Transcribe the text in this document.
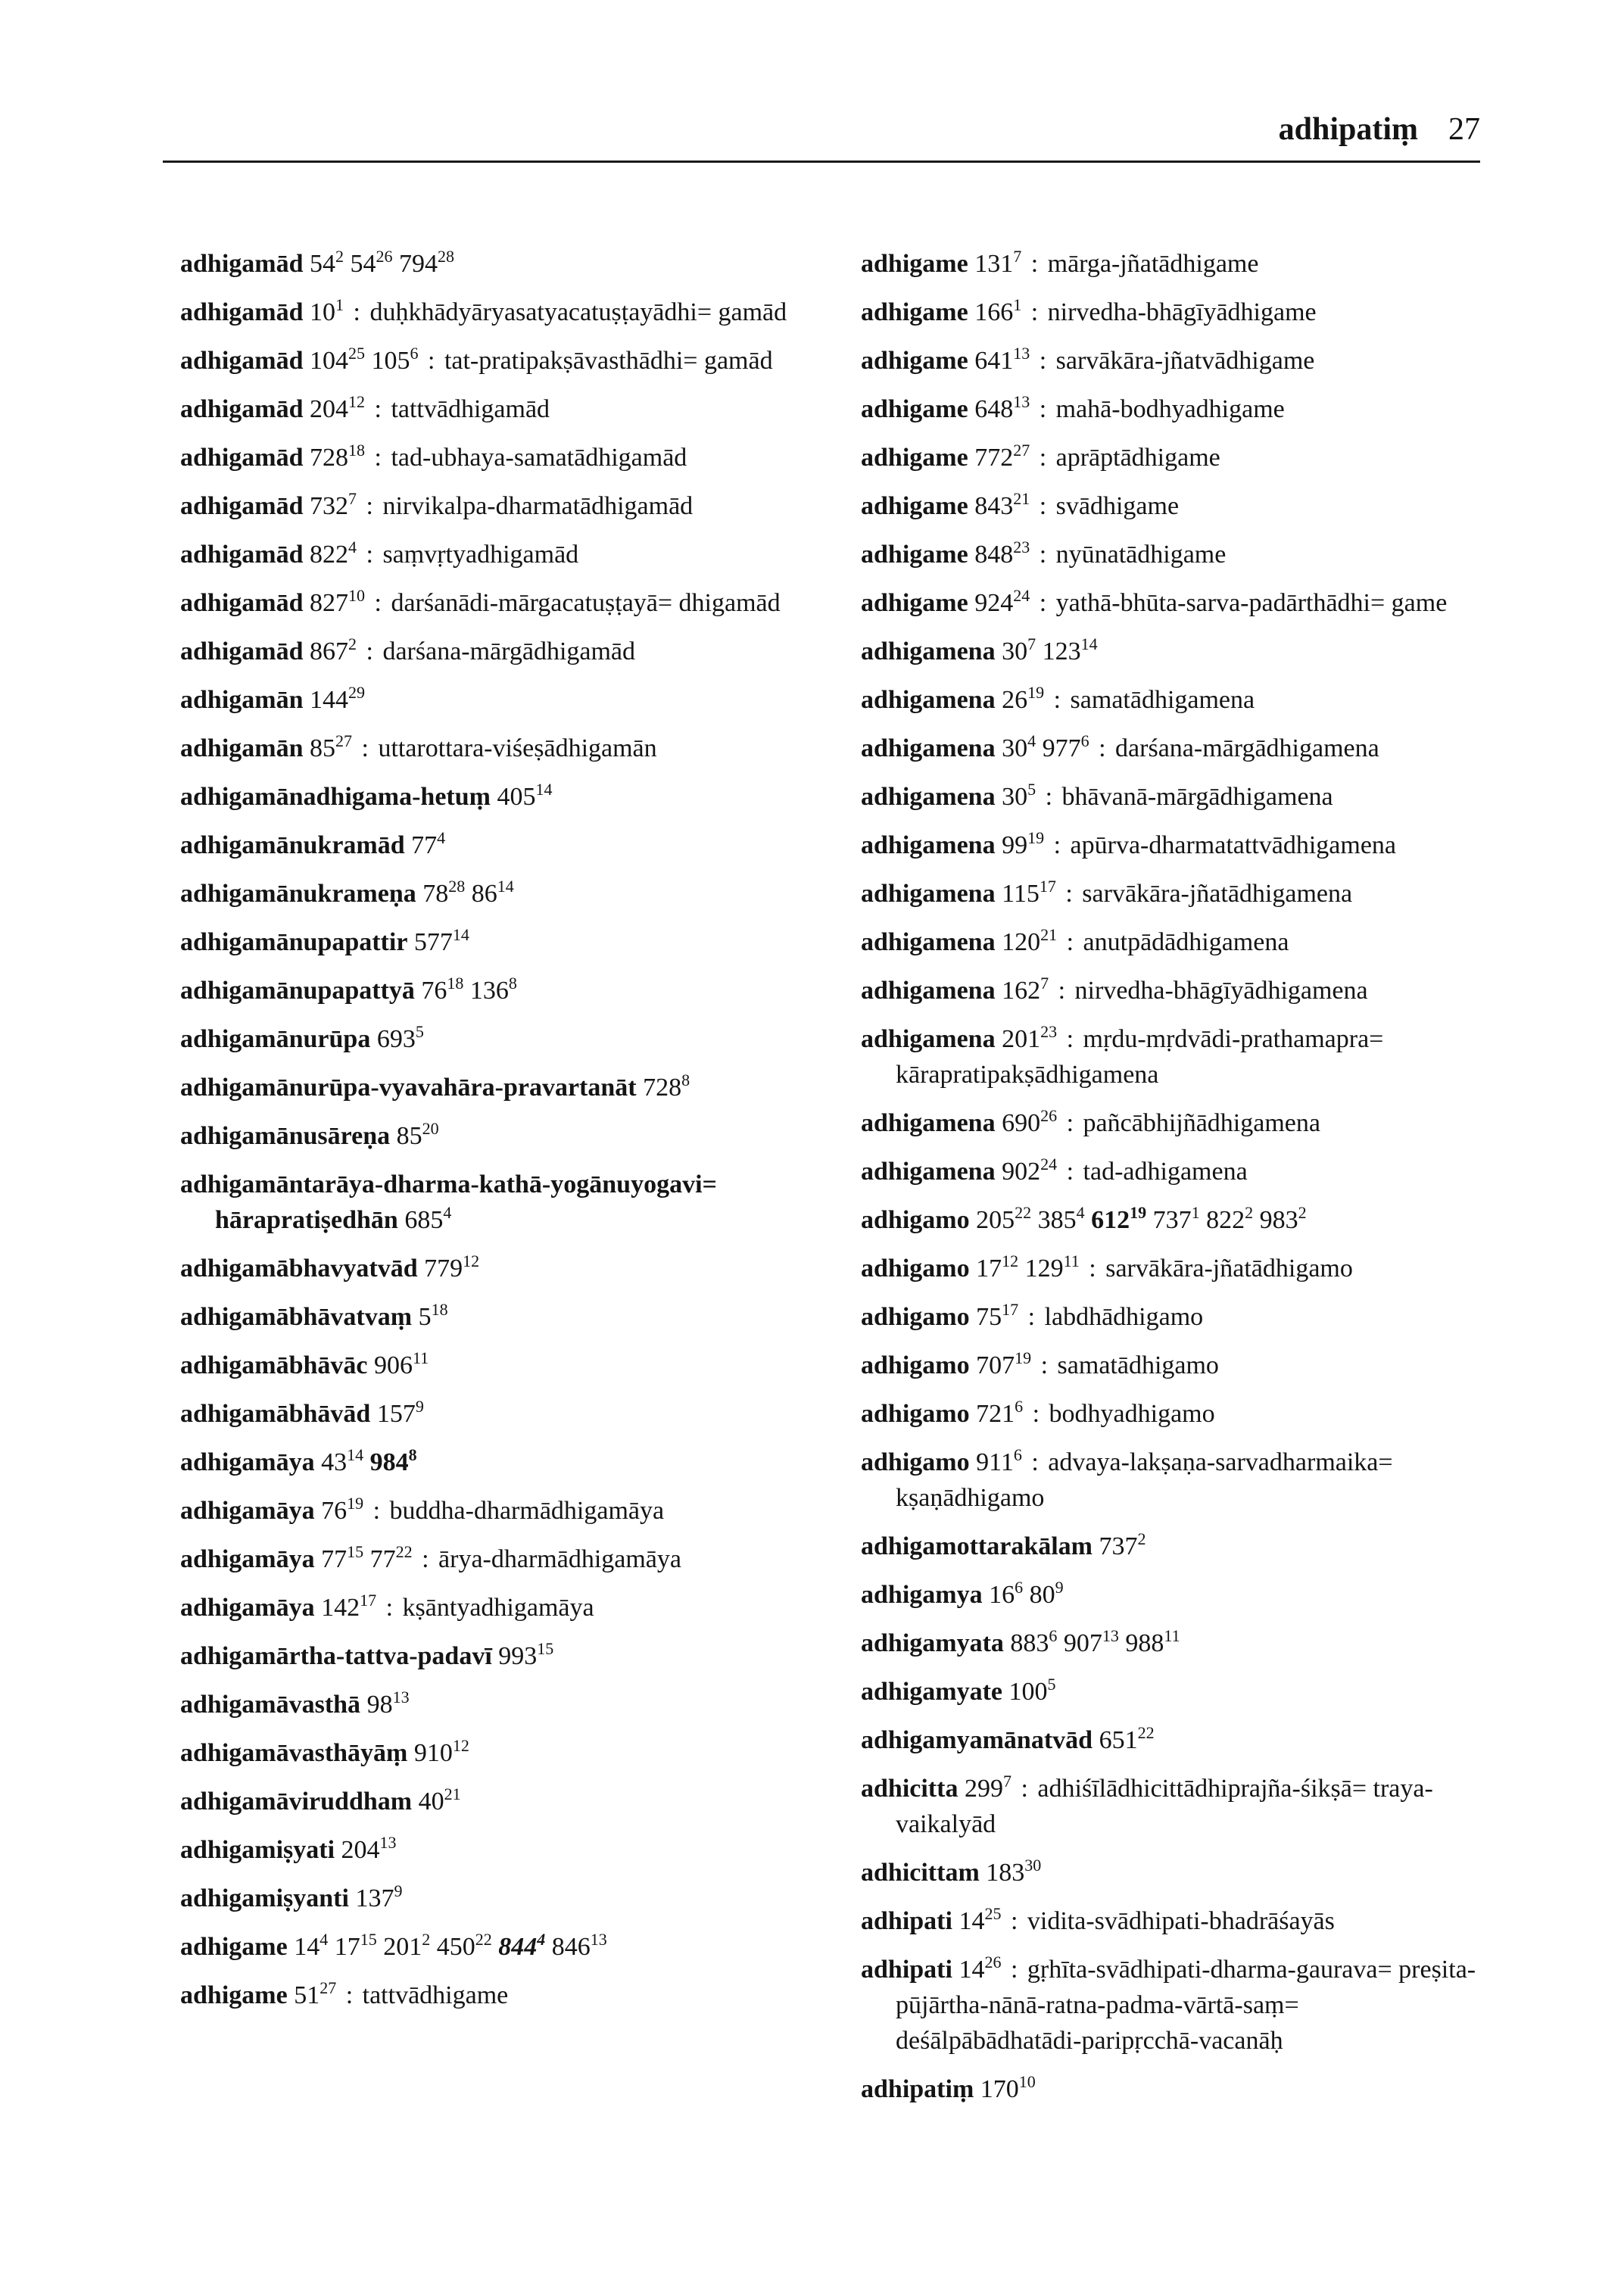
adhipatiṃ 27
adhigamād $54^2$ $54^{26}$ $794^{28}$
adhigamād $10^1$ : duḥkhādyāryasatyacatuṣṭayādhi= gamād
adhigamād $104^{25}$ $105^6$ : tat-pratipakṣāvasthādhi= gamād
adhigamād $204^{12}$ : tattvādhigamād
adhigamād $728^{18}$ : tad-ubhaya-samatādhigamād
adhigamād $732^7$ : nirvikalpa-dharmatādhigamād
adhigamād $822^4$ : saṃvṛtyadhigamād
adhigamād $827^{10}$ : darśanādi-mārgacatuṣṭayā= dhigamād
adhigamād $867^2$ : darśana-mārgādhigamād
adhigamān $144^{29}$
adhigamān $85^{27}$ : uttarottara-viśeṣādhigamān
adhigamānadhigama-hetuṃ $405^{14}$
adhigamānukramād $77^4$
adhigamānukrameṇa $78^{28}$ $86^{14}$
adhigamānupapattir $577^{14}$
adhigamānupapattyā $76^{18}$ $136^8$
adhigamānurūpa $693^5$
adhigamānurūpa-vyavahāra-pravartanāt $728^8$
adhigamānusāreṇa $85^{20}$
adhigamāntarāya-dharma-kathā-yogānuyogavi= hārapratiṣedhān $685^4$
adhigamābhavyatvād $779^{12}$
adhigamābhāvatvaṃ $5^{18}$
adhigamābhāvāc $906^{11}$
adhigamābhāvād $157^9$
adhigamāya $43^{14}$ $984^8$
adhigamāya $76^{19}$ : buddha-dharmādhigamāya
adhigamāya $77^{15}$ $77^{22}$ : ārya-dharmādhigamāya
adhigamāya $142^{17}$ : kṣāntyadhigamāya
adhigamārtha-tattva-padavī $993^{15}$
adhigamāvasthā $98^{13}$
adhigamāvasthāyāṃ $910^{12}$
adhigamāviruddham $40^{21}$
adhigamiṣyati $204^{13}$
adhigamiṣyanti $137^9$
adhigame $14^4$ $17^{15}$ $201^2$ $450^{22}$ $844^4$ $846^{13}$
adhigame $51^{27}$ : tattvādhigame
adhigame $131^7$ : mārga-jñatādhigame
adhigame $166^1$ : nirvedha-bhāgīyādhigame
adhigame $641^{13}$ : sarvākāra-jñatvādhigame
adhigame $648^{13}$ : mahā-bodhyadhigame
adhigame $772^{27}$ : aprāptādhigame
adhigame $843^{21}$ : svādhigame
adhigame $848^{23}$ : nyūnatādhigame
adhigame $924^{24}$ : yathā-bhūta-sarva-padārthādhi= game
adhigamena $30^7$ $123^{14}$
adhigamena $26^{19}$ : samatādhigamena
adhigamena $30^4$ $977^6$ : darśana-mārgādhigamena
adhigamena $30^5$ : bhāvanā-mārgādhigamena
adhigamena $99^{19}$ : apūrva-dharmatattvādhigamena
adhigamena $115^{17}$ : sarvākāra-jñatādhigamena
adhigamena $120^{21}$ : anutpādādhigamena
adhigamena $162^7$ : nirvedha-bhāgīyādhigamena
adhigamena $201^{23}$ : mṛdu-mṛdvādi-prathamapra= kārapratipakṣādhigamena
adhigamena $690^{26}$ : pañcābhijñādhigamena
adhigamena $902^{24}$ : tad-adhigamena
adhigamo $205^{22}$ $385^4$ $612^{19}$ $737^1$ $822^2$ $983^2$
adhigamo $17^{12}$ $129^{11}$ : sarvākāra-jñatādhigamo
adhigamo $75^{17}$ : labdhādhigamo
adhigamo $707^{19}$ : samatādhigamo
adhigamo $721^6$ : bodhyadhigamo
adhigamo $911^6$ : advaya-lakṣaṇa-sarvadharmaika= kṣaṇādhigamo
adhigamottarakālam $737^2$
adhigamya $16^6$ $80^9$
adhigamyata $883^6$ $907^{13}$ $988^{11}$
adhigamyate $100^5$
adhigamyamānatvād $651^{22}$
adhicitta $299^7$ : adhiśīlādhicittādhiprajña-śikṣā= traya-vaikalyād
adhicittam $183^{30}$
adhipati $14^{25}$ : vidita-svādhipati-bhadrāśayās
adhipati $14^{26}$ : gṛhīta-svādhipati-dharma-gaurava= preṣita-pūjārtha-nānā-ratna-padma-vārtā-saṃ= deśālpābādhatādi-paripṛcchā-vacanāḥ
adhipatiṃ $170^{10}$
